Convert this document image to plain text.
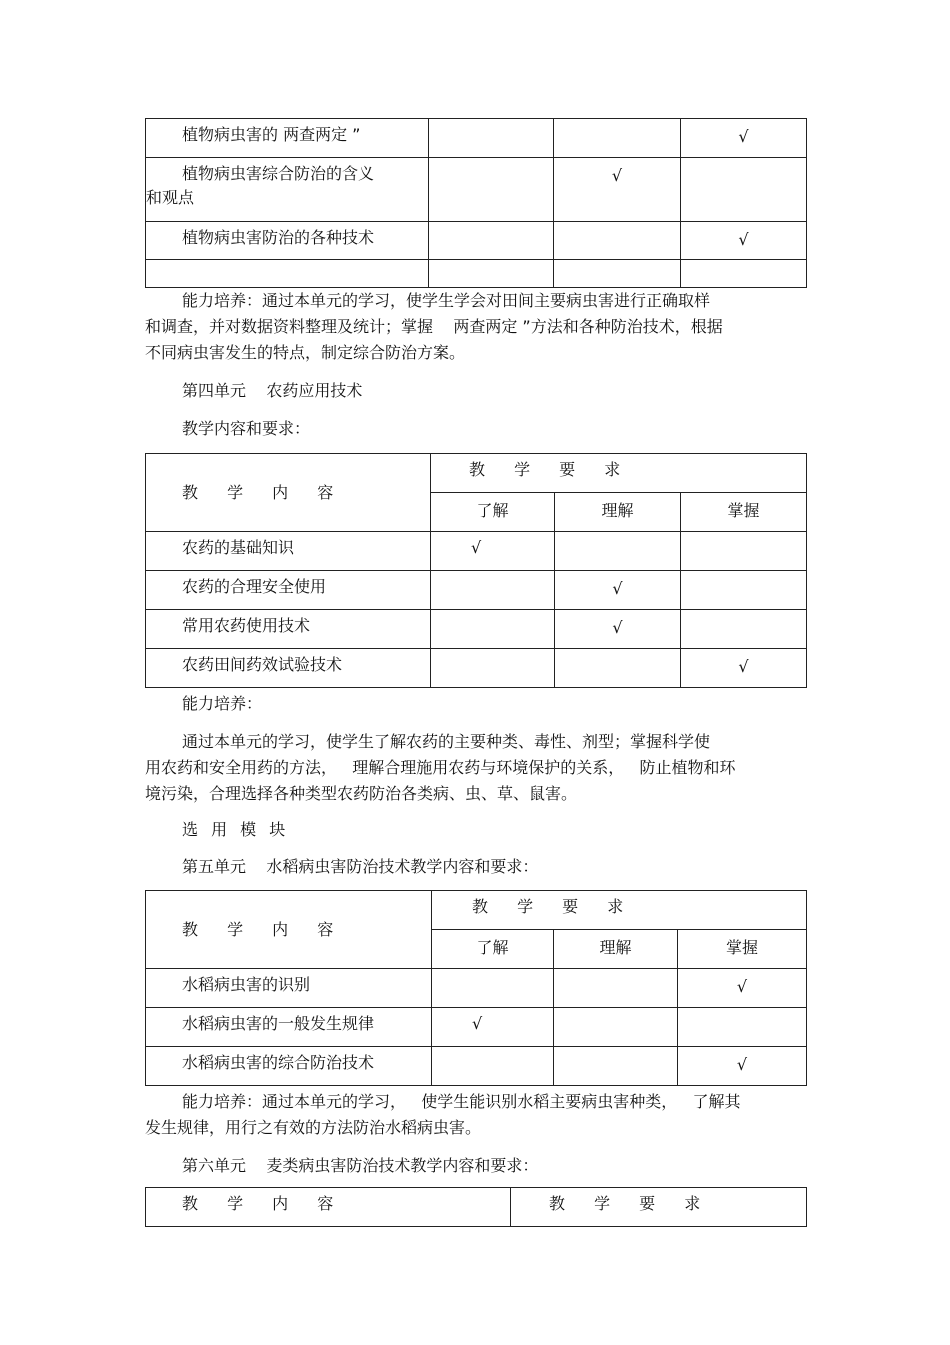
植物病虫害的 两查两定 ”			√

植物病虫害综合防治的含义
和观点		√	

植物病虫害防治的各种技术			√

能力培养：通过本单元的学习，使学生学会对田间主要病虫害进行正确取样
和调查，并对数据资料整理及统计；掌握    两查两定 ”方法和各种防治技术，根据
不同病虫害发生的特点，制定综合防治方案。
第四单元    农药应用技术
教学内容和要求：
教 学 内 容	教 学 要 求		

	了解	理解	掌握

农药的基础知识	√		

农药的合理安全使用		√	

常用农药使用技术		√	

农药田间药效试验技术			√
能力培养：
通过本单元的学习，使学生了解农药的主要种类、毒性、剂型；掌握科学使
用农药和安全用药的方法，   理解合理施用农药与环境保护的关系，   防止植物和环
境污染，合理选择各种类型农药防治各类病、虫、草、鼠害。
选 用 模 块
第五单元    水稻病虫害防治技术教学内容和要求：
教 学 内 容	教 学 要 求		

	了解	理解	掌握

水稻病虫害的识别			√

水稻病虫害的一般发生规律	√		

水稻病虫害的综合防治技术			√
能力培养：通过本单元的学习，   使学生能识别水稻主要病虫害种类，   了解其
发生规律，用行之有效的方法防治水稻病虫害。
第六单元    麦类病虫害防治技术教学内容和要求：
教 学 内 容	教 学 要 求
